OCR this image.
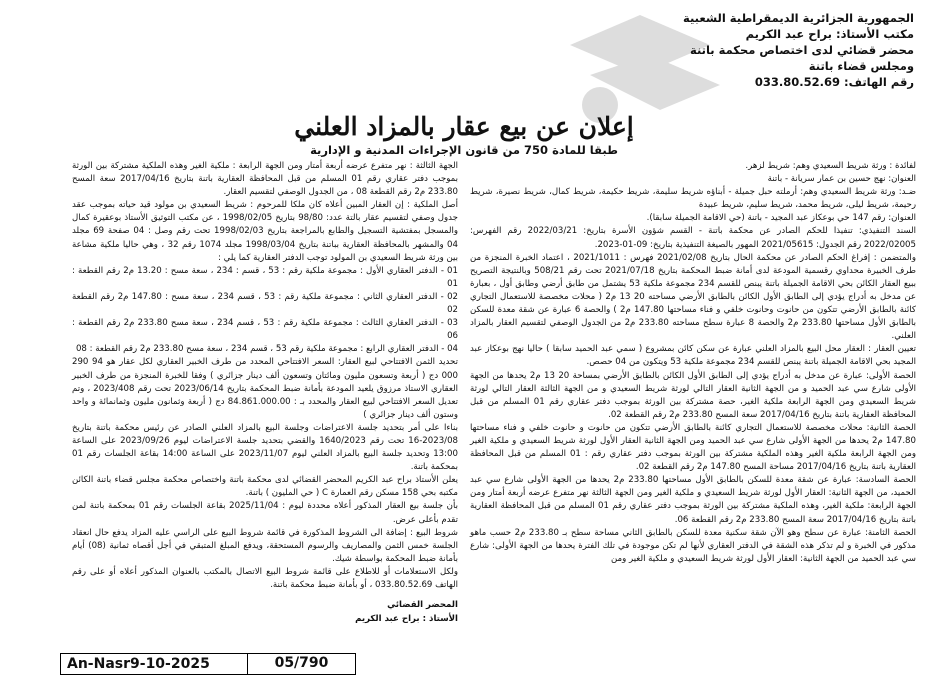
الجمهورية الجزائرية الديمقراطية الشعبية
مكتب الأستاذ: براح عبد الكريم
محضر قضائي لدى اختصاص محكمة باتنة
ومجلس قضاء باتنة
رقم الهاتف: 033.80.52.69
إعلان عن بيع عقار بالمزاد العلني
طبقا للمادة 750 من قانون الإجراءات المدنية و الإدارية

لفائدة : ورثة شريط السعيدي وهم: شريط لزهر.

العنوان: نهج حسين بن عمار سريانة - باتنة

ضـد: ورثة شريط السعيدي وهم: أرملته حبل جميلة - أبناؤه شريط سليمة، شريط حكيمة، شريط كمال، شريط نصيرة، شريط رحيمة، شريط ليلى، شريط محمد، شريط سليم، شريط عبيدة

العنوان: رقم 147 حي بوعكاز عبد المجيد - باتنة (حي الاقامة الجميلة سابقا).

السند التنفيذي: تنفيذا للحكم الصادر عن محكمة باتنة - القسم شؤون الأسرة بتاريخ: 2022/03/21 رقم الفهرس: 2022/02005 رقم الجدول: 2021/05615 المهور بالصيغة التنفيذية بتاريخ: 09-01-2023.

والمتضمن : إفراغ الحكم الصادر عن محكمة الحال بتاريخ 2021/02/08 فهرس : 2021/1011 ، اعتماد الخبرة المنجزة من طرف الخبيرة محداوي رقسمية المودعة لدى أمانة ضبط المحكمة بتاريخ 2021/07/18 تحت رقم 508/21 وبالنتيجة التصريح ببيع العقار الكائن بحي الاقامة الجميلة باتنة يبنص للقسم 234 مجموعة ملكية 53 يشتمل من طابق أرضي وطابق أول ، بعبارة عن مدخل به أدراج يؤدي إلى الطابق الأول الكائن بالطابق الأرضي مساحته 20 13 م2 ( محلات مخصصة للاستعمال التجاري كائنة بالطابق الأرضي تتكون من حانوت وحانوت خلفي و فناء مساحتها 147.80 م2 ) والحصة 6 عبارة عن شقة معدة للسكن بالطابق الأول مساحتها 233.80 م2 والحصة 8 عبارة سطح مساحته 233.80 م2 من الجدول الوصفي لتقسيم العقار بالمزاد العلني.

تعيين العقار : العقار محل البيع بالمزاد العلني عبارة عن سكن كائن بمشروع ( سمي عبد الحميد سابقا ) حاليا نهج بوعكاز عبد المجيد بحي الاقامة الجميلة باتنة يبنص للقسم 234 مجموعة ملكية 53 ويتكون من 04 حصص.

الحصة الأولى: عبارة عن مدخل به أدراج يؤدي إلى الطابق الأول الكائن بالطابق الأرضي بمساحة 20 13 م2 يحدها من الجهة الأولى شارع سي عبد الحميد و من الجهة الثانية العقار التالي لورثة شريط السعيدي و من الجهة الثالثة العقار التالي لورثة شريط السعيدي ومن الجهة الرابعة ملكية الغير، حصة مشتركة بين الورثة بموجب دفتر عقاري رقم 01 المسلم من قبل المحافظة العقارية باتنة بتاريخ 2017/04/16 سعة المسح 233.80 م2 رقم القطعة 02.

الحصة الثانية: محلات مخصصة للاستعمال التجاري كائنة بالطابق الأرضي تتكون من حانوت و حانوت خلفي و فناء مساحتها 147.80 م2 يحدها من الجهة الأولى شارع سي عبد الحميد ومن الجهة الثانية العقار الأول لورثة شريط السعيدي و ملكية الغير ومن الجهة الرابعة ملكية الغير وهذه الملكية مشتركة بين الورثة بموجب دفتر عقاري رقم : 01 المسلم من قبل المحافظة العقارية باتنة بتاريخ 2017/04/16 مساحة المسح 147.80 م2 رقم القطعة 02.

الحصة السادسة: عبارة عن شقة معدة للسكن بالطابق الأول مساحتها 233.80 م2 يحدها من الجهة الأولى شارع سي عبد الحميد، من الجهة الثانية: العقار الأول لورثة شريط السعيدي و ملكية الغير ومن الجهة الثالثة نهر متفرع عرضه أربعة أمتار ومن الجهة الرابعة: ملكية الغير، وهذه الملكية مشتركة بين الورثة بموجب دفتر عقاري رقم 01 المسلم من قبل المحافظة العقارية باتنة بتاريخ 2017/04/16 سعة المسح 233.80 م2 رقم القطعة 06.

الحصة الثامنة: عبارة عن سطح وهو الآن شقة سكنية معدة للسكن بالطابق الثاني مساحة سطح بـ 233.80 م2 حسب ماهو مذكور في الخبرة و لم تذكر هذه الشقة في الدفتر العقاري لأنها لم تكن موجودة في تلك الفترة يحدها من الجهة الأولى: شارع سي عبد الحميد من الجهة الثانية: العقار الأول لورثة شريط السعيدي و ملكية الغير ومن

الجهة الثالثة : نهر متفرع عرضه أربعة أمتار ومن الجهة الرابعة : ملكية الغير وهذه الملكية مشتركة بين الورثة بموجب دفتر عقاري رقم 01 المسلم من قبل المحافظة العقارية باتنة بتاريخ 2017/04/16 سعة المسح 233.80 م2 رقم القطعة 08 ، من الجدول الوصفي لتقسيم العقار.

أصل الملكية : إن العقار المبين أعلاه كان ملكا للمرحوم : شريط السعيدي بن مولود قيد حياته بموجب عقد جدول وصفي لتقسيم عقار بالتة عدد: 98/80 بتاريخ 1998/02/05 ، عن مكتب التوثيق الأستاذ بوعقيرة كمال والمسجل بمفتشية التسجيل والطابع بالمراجعة بتاريخ 1998/02/03 تحت رقم وصل : 04 صفحة 69 مجلد 04 والمشهر بالمحافظة العقارية بباتنة بتاريخ 1998/03/04 مجلد 1074 رقم 32 ، وهي حاليا ملكية مشاعة بين ورثة شريط السعيدي بن المولود توجب الدفتر العقارية كما يلي :

01 - الدفتر العقاري الأول : مجموعة ملكية رقم : 53 ، قسم : 234 ، سعة مسح : 13.20 م2 رقم القطعة : 01

02 - الدفتر العقاري الثاني : مجموعة ملكية رقم : 53 ، قسم 234 ، سعة مسح : 147.80 م2 رقم القطعة 02

03 - الدفتر العقاري الثالث : مجموعة ملكية رقم : 53 ، قسم 234 ، سعة مسح 233.80 م2 رقم القطعة : 06

04 - الدفتر العقاري الرابع : مجموعة ملكية رقم 53 ، قسم 234 ، سعة مسح 233.80 م2 رقم القطعة : 08

تحديد الثمن الافتتاحي لبيع العقار: السعر الافتتاحي المحدد من طرف الخبير العقاري لكل عقار هو 94 290 000 دج ( أربعة وتسعون مليون ومائتان وتسعون ألف دينار جزائري ) وفقا للخبرة المنجزة من طرف الخبير العقاري الاستاذ مرزوق يلعيد المودعة بأمانة ضبط المحكمة بتاريخ 2023/06/14 تحت رقم 2023/408 ، وتم تعديل السعر الافتتاحي لبيع العقار والمحدد بـ : 84.861.000.00 دج ( أربعة وثمانون مليون وثمانمائة و واحد وستون ألف دينار جزائري )

بناءا على أمر بتحديد جلسة الاعتراضات وجلسة البيع بالمزاد العلني الصادر عن رئيس محكمة باتنة بتاريخ 2023/08-16 تحت رقم 1640/2023 والقضي بتحديد جلسة الاعتراضات ليوم 2023/09/26 على الساعة 13:00 وتحديد جلسة البيع بالمزاد العلني ليوم 2023/11/07 على الساعة 14:00 بقاعة الجلسات رقم 01 بمحكمة باتنة.

يعلن الأستاذ براح عبد الكريم المحضر القضائي لدى محكمة باتنة واختصاص محكمة مجلس قضاء باتنة الكائن مكتبه بحي 158 مسكن رقم العمارة C ( حي المليون ) باتنة.

بأن جلسة بيع العقار المذكور أعلاه محددة ليوم : 2025/11/04 بقاعة الجلسات رقم 01 بمحكمة باتنة لمن تقدم بأعلى عرض.

شروط البيع : إضافة الى الشروط المذكورة في قائمة شروط البيع على الراسي عليه المزاد يدفع حال انعقاد الجلسة خمس الثمن والمصاريف والرسوم المستحقة، ويدفع المبلغ المتبقي في أجل أقصاه ثمانية (08) أيام بأمانة ضبط المحكمة بواسطة شيك.

ولكل الاستعلامات أو للاطلاع على قائمة شروط البيع الاتصال بالمكتب بالعنوان المذكور أعلاه أو على رقم الهاتف 033.80.52.69 ، أو بأمانة ضبط محكمة باتنة.

المحضر القضائي
الأستاذ : براح عبد الكريم
An-Nasr9-10-2025	05/790
